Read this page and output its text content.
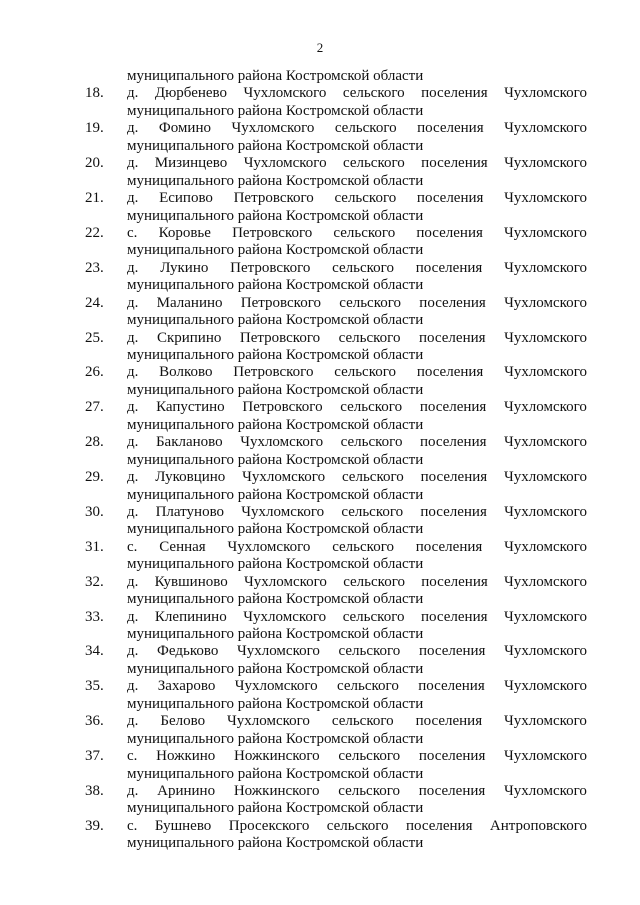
2
муниципального района Костромской области
18.	д. Дюрбенево Чухломского сельского поселения Чухломского
муниципального района Костромской области
19.	д. Фомино Чухломского сельского поселения Чухломского
муниципального района Костромской области
20.	д. Мизинцево Чухломского сельского поселения Чухломского
муниципального района Костромской области
21.	д. Есипово Петровского сельского поселения Чухломского
муниципального района Костромской области
22.	с. Коровье Петровского сельского поселения Чухломского
муниципального района Костромской области
23.	д. Лукино Петровского сельского поселения Чухломского
муниципального района Костромской области
24.	д. Маланино Петровского сельского поселения Чухломского
муниципального района Костромской области
25.	д. Скрипино Петровского сельского поселения Чухломского
муниципального района Костромской области
26.	д. Волково Петровского сельского поселения Чухломского
муниципального района Костромской области
27.	д. Капустино Петровского сельского поселения Чухломского
муниципального района Костромской области
28.	д. Бакланово Чухломского сельского поселения Чухломского
муниципального района Костромской области
29.	д. Луковцино Чухломского сельского поселения Чухломского
муниципального района Костромской области
30.	д. Платуново Чухломского сельского поселения Чухломского
муниципального района Костромской области
31.	с. Сенная Чухломского сельского поселения Чухломского
муниципального района Костромской области
32.	д. Кувшиново Чухломского сельского поселения Чухломского
муниципального района Костромской области
33.	д. Клепинино Чухломского сельского поселения Чухломского
муниципального района Костромской области
34.	д. Федьково Чухломского сельского поселения Чухломского
муниципального района Костромской области
35.	д. Захарово Чухломского сельского поселения Чухломского
муниципального района Костромской области
36.	д. Белово Чухломского сельского поселения Чухломского
муниципального района Костромской области
37.	с. Ножкино Ножкинского сельского поселения Чухломского
муниципального района Костромской области
38.	д. Аринино Ножкинского сельского поселения Чухломского
муниципального района Костромской области
39.	с. Бушнево Просекского сельского поселения Антроповского
муниципального района Костромской области
